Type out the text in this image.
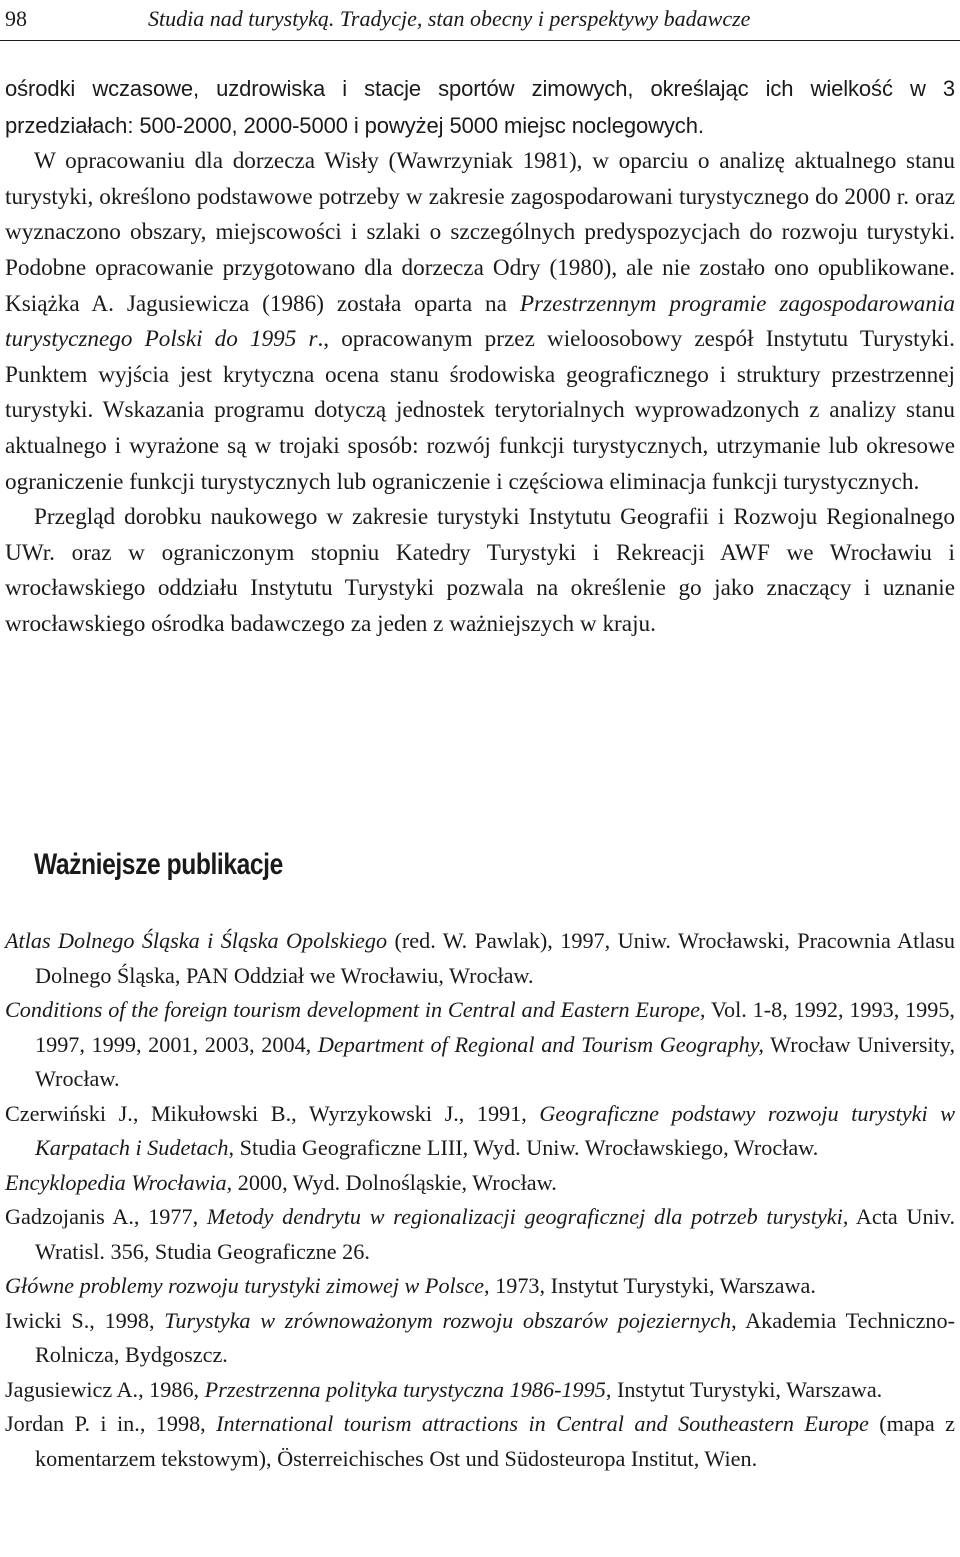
98	Studia nad turystyką. Tradycje, stan obecny i perspektywy badawcze

ośrodki wczasowe, uzdrowiska i stacje sportów zimowych, określając ich wielkość w 3 przedziałach: 500-2000, 2000-5000 i powyżej 5000 miejsc noclegowych.

W opracowaniu dla dorzecza Wisły (Wawrzyniak 1981), w oparciu o analizę aktualnego stanu turystyki, określono podstawowe potrzeby w zakresie zagospodarowani turystycznego do 2000 r. oraz wyznaczono obszary, miejscowości i szlaki o szczególnych predyspozycjach do rozwoju turystyki. Podobne opracowanie przygotowano dla dorzecza Odry (1980), ale nie zostało ono opublikowane. Książka A. Jagusiewicza (1986) została oparta na Przestrzennym programie zagospodarowania turystycznego Polski do 1995 r., opracowanym przez wieloosobowy zespół Instytutu Turystyki. Punktem wyjścia jest krytyczna ocena stanu środowiska geograficznego i struktury przestrzennej turystyki. Wskazania programu dotyczą jednostek terytorialnych wyprowadzonych z analizy stanu aktualnego i wyrażone są w trojaki sposób: rozwój funkcji turystycznych, utrzymanie lub okresowe ograniczenie funkcji turystycznych lub ograniczenie i częściowa eliminacja funkcji turystycznych.

Przegląd dorobku naukowego w zakresie turystyki Instytutu Geografii i Rozwoju Regionalnego UWr. oraz w ograniczonym stopniu Katedry Turystyki i Rekreacji AWF we Wrocławiu i wrocławskiego oddziału Instytutu Turystyki pozwala na określenie go jako znaczący i uznanie wrocławskiego ośrodka badawczego za jeden z ważniejszych w kraju.

Ważniejsze publikacje

Atlas Dolnego Śląska i Śląska Opolskiego (red. W. Pawlak), 1997, Uniw. Wrocławski, Pracownia Atlasu Dolnego Śląska, PAN Oddział we Wrocławiu, Wrocław.

Conditions of the foreign tourism development in Central and Eastern Europe, Vol. 1-8, 1992, 1993, 1995, 1997, 1999, 2001, 2003, 2004, Department of Regional and Tourism Geography, Wrocław University, Wrocław.

Czerwiński J., Mikułowski B., Wyrzykowski J., 1991, Geograficzne podstawy rozwoju turystyki w Karpatach i Sudetach, Studia Geograficzne LIII, Wyd. Uniw. Wrocławskiego, Wrocław.

Encyklopedia Wrocławia, 2000, Wyd. Dolnośląskie, Wrocław.

Gadzojanis A., 1977, Metody dendrytu w regionalizacji geograficznej dla potrzeb turystyki, Acta Univ. Wratisl. 356, Studia Geograficzne 26.

Główne problemy rozwoju turystyki zimowej w Polsce, 1973, Instytut Turystyki, Warszawa.

Iwicki S., 1998, Turystyka w zrównoważonym rozwoju obszarów pojeziernych, Akademia Techniczno-Rolnicza, Bydgoszcz.

Jagusiewicz A., 1986, Przestrzenna polityka turystyczna 1986-1995, Instytut Turystyki, Warszawa.

Jordan P. i in., 1998, International tourism attractions in Central and Southeastern Europe (mapa z komentarzem tekstowym), Österreichisches Ost und Südosteuropa Institut, Wien.
